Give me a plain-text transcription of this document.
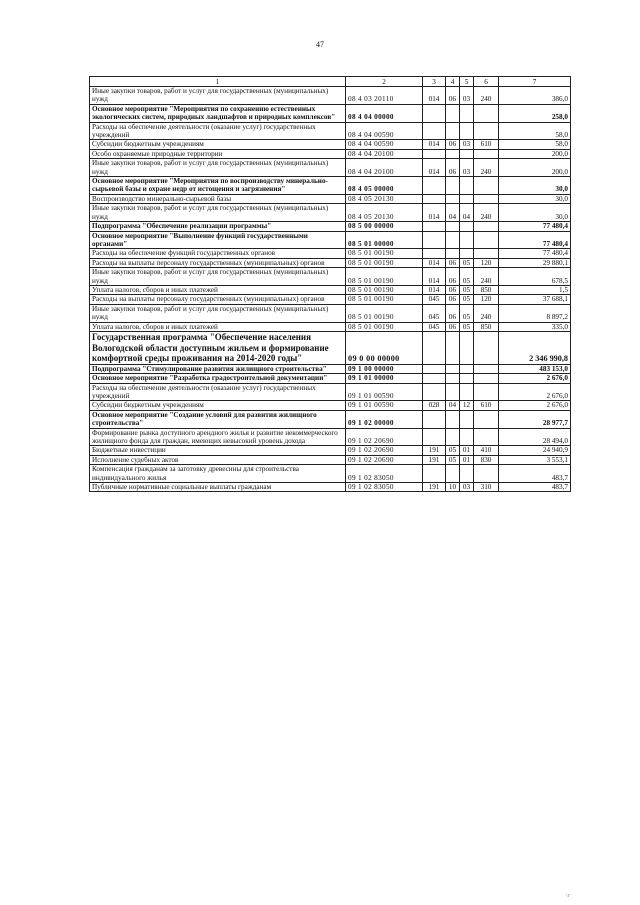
47
1	2	3	4	5	6	7
Иные закупки товаров, работ и услуг для государственных (муниципальных) нужд	08 4 03 20110	014	06	03	240	386,0
Основное мероприятие "Мероприятия по сохранению естественных экологических систем, природных ландшафтов и природных комплексов"	08 4 04 00000					258,0
Расходы на обеспечение деятельности (оказание услуг) государственных учреждений	08 4 04 00590					58,0
Субсидии бюджетным учреждениям	08 4 04 00590	014	06	03	610	58,0
Особо охраняемые природные территории	08 4 04 20100					200,0
Иные закупки товаров, работ и услуг для государственных (муниципальных) нужд	08 4 04 20100	014	06	03	240	200,0
Основное мероприятие "Мероприятия по воспроизводству минерально-сырьевой базы и охране недр от истощения и загрязнения"	08 4 05 00000					30,0
Воспроизводство минерально-сырьевой базы	08 4 05 20130					30,0
Иные закупки товаров, работ и услуг для государственных (муниципальных) нужд	08 4 05 20130	014	04	04	240	30,0
Подпрограмма "Обеспечение реализации программы"	08 5 00 00000					77 480,4
Основное мероприятие "Выполнение функций государственными органами"	08 5 01 00000					77 480,4
Расходы на обеспечение функций государственных органов	08 5 01 00190					77 480,4
Расходы на выплаты персоналу государственных (муниципальных) органов	08 5 01 00190	014	06	05	120	29 880,1
Иные закупки товаров, работ и услуг для государственных (муниципальных) нужд	08 5 01 00190	014	06	05	240	678,5
Уплата налогов, сборов и иных платежей	08 5 01 00190	014	06	05	850	1,5
Расходы на выплаты персоналу государственных (муниципальных) органов	08 5 01 00190	045	06	05	120	37 688,1
Иные закупки товаров, работ и услуг для государственных (муниципальных) нужд	08 5 01 00190	045	06	05	240	8 897,2
Уплата налогов, сборов и иных платежей	08 5 01 00190	045	06	05	850	335,0
Государственная программа "Обеспечение населения Вологодской области доступным жильем и формирование комфортной среды проживания на 2014-2020 годы"	09 0 00 00000					2 346 990,8
Подпрограмма "Стимулирование развития жилищного строительства"	09 1 00 00000					483 153,0
Основное мероприятие "Разработка градостроительной документации"	09 1 01 00000					2 676,0
Расходы на обеспечение деятельности (оказание услуг) государственных учреждений	09 1 01 00590					2 676,0
Субсидии бюджетным учреждениям	09 1 01 00590	028	04	12	610	2 676,0
Основное мероприятие "Создание условий для развития жилищного строительства"	09 1 02 00000					28 977,7
Формирование рынка доступного арендного жилья и развитие некоммерческого жилищного фонда для граждан, имеющих невысокий уровень дохода	09 1 02 20690					28 494,0
Бюджетные инвестиции	09 1 02 20690	191	05	01	410	24 940,9
Исполнение судебных актов	09 1 02 20690	191	05	01	830	3 553,1
Компенсация гражданам за заготовку древесины для строительства индивидуального жилья	09 1 02 83050					483,7
Публичные нормативные социальные выплаты гражданам	09 1 02 83050	191	10	03	310	483,7
\г
